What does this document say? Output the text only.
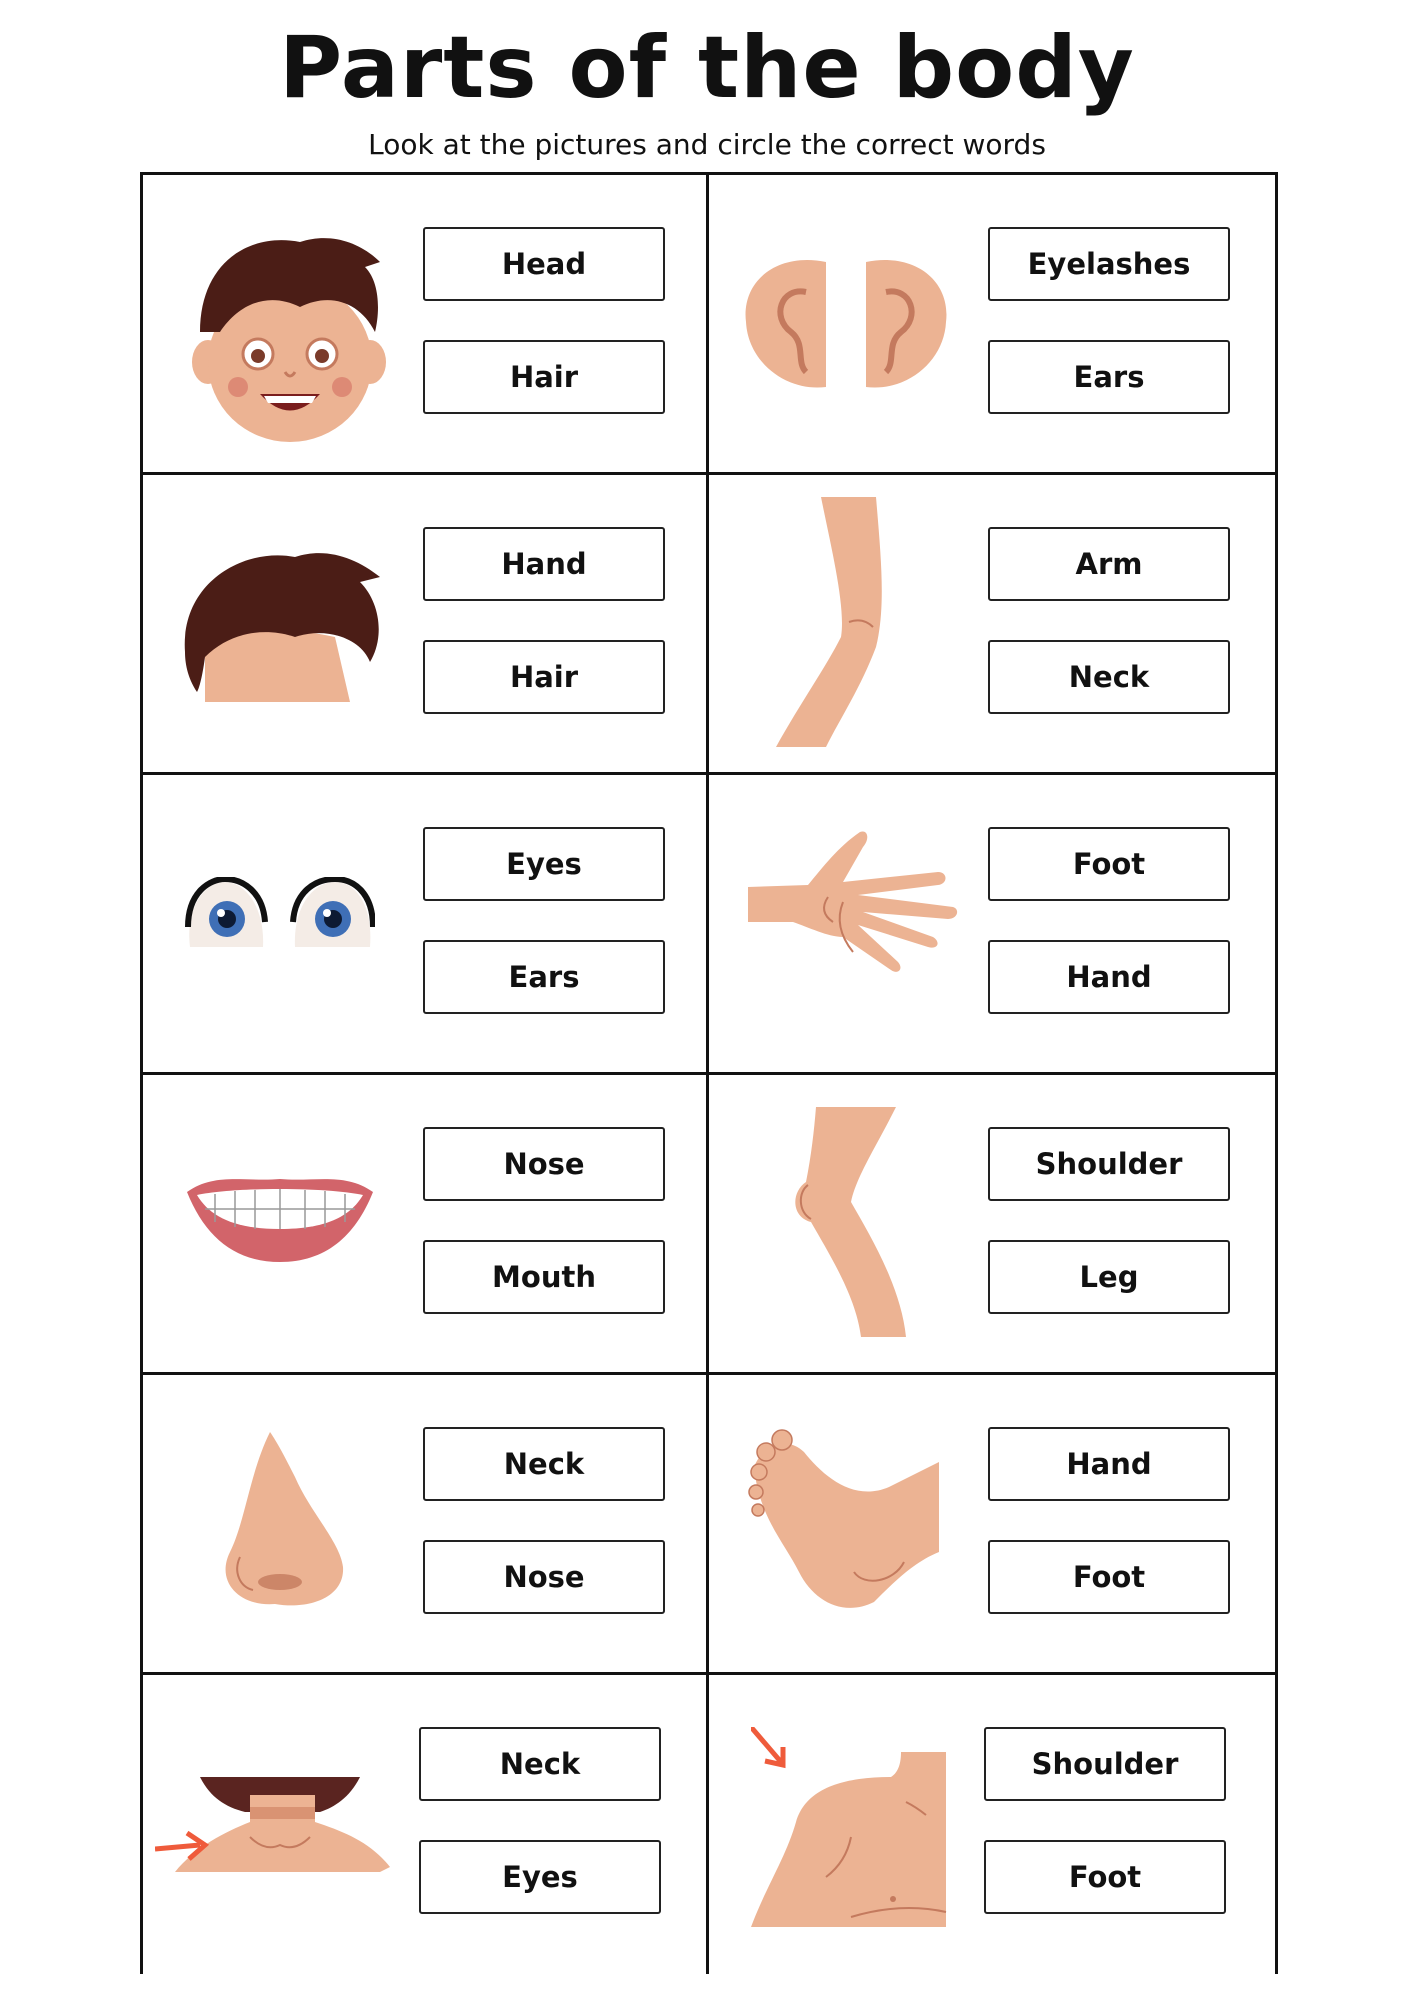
Parts of the body

Look at the pictures and circle the correct words

Head
Hair
Eyelashes
Ears
Hand
Hair
Arm
Neck
Eyes
Ears
Foot
Hand
Nose
Mouth
Shoulder
Leg
Neck
Nose
Hand
Foot
Neck
Eyes
Shoulder
Foot
